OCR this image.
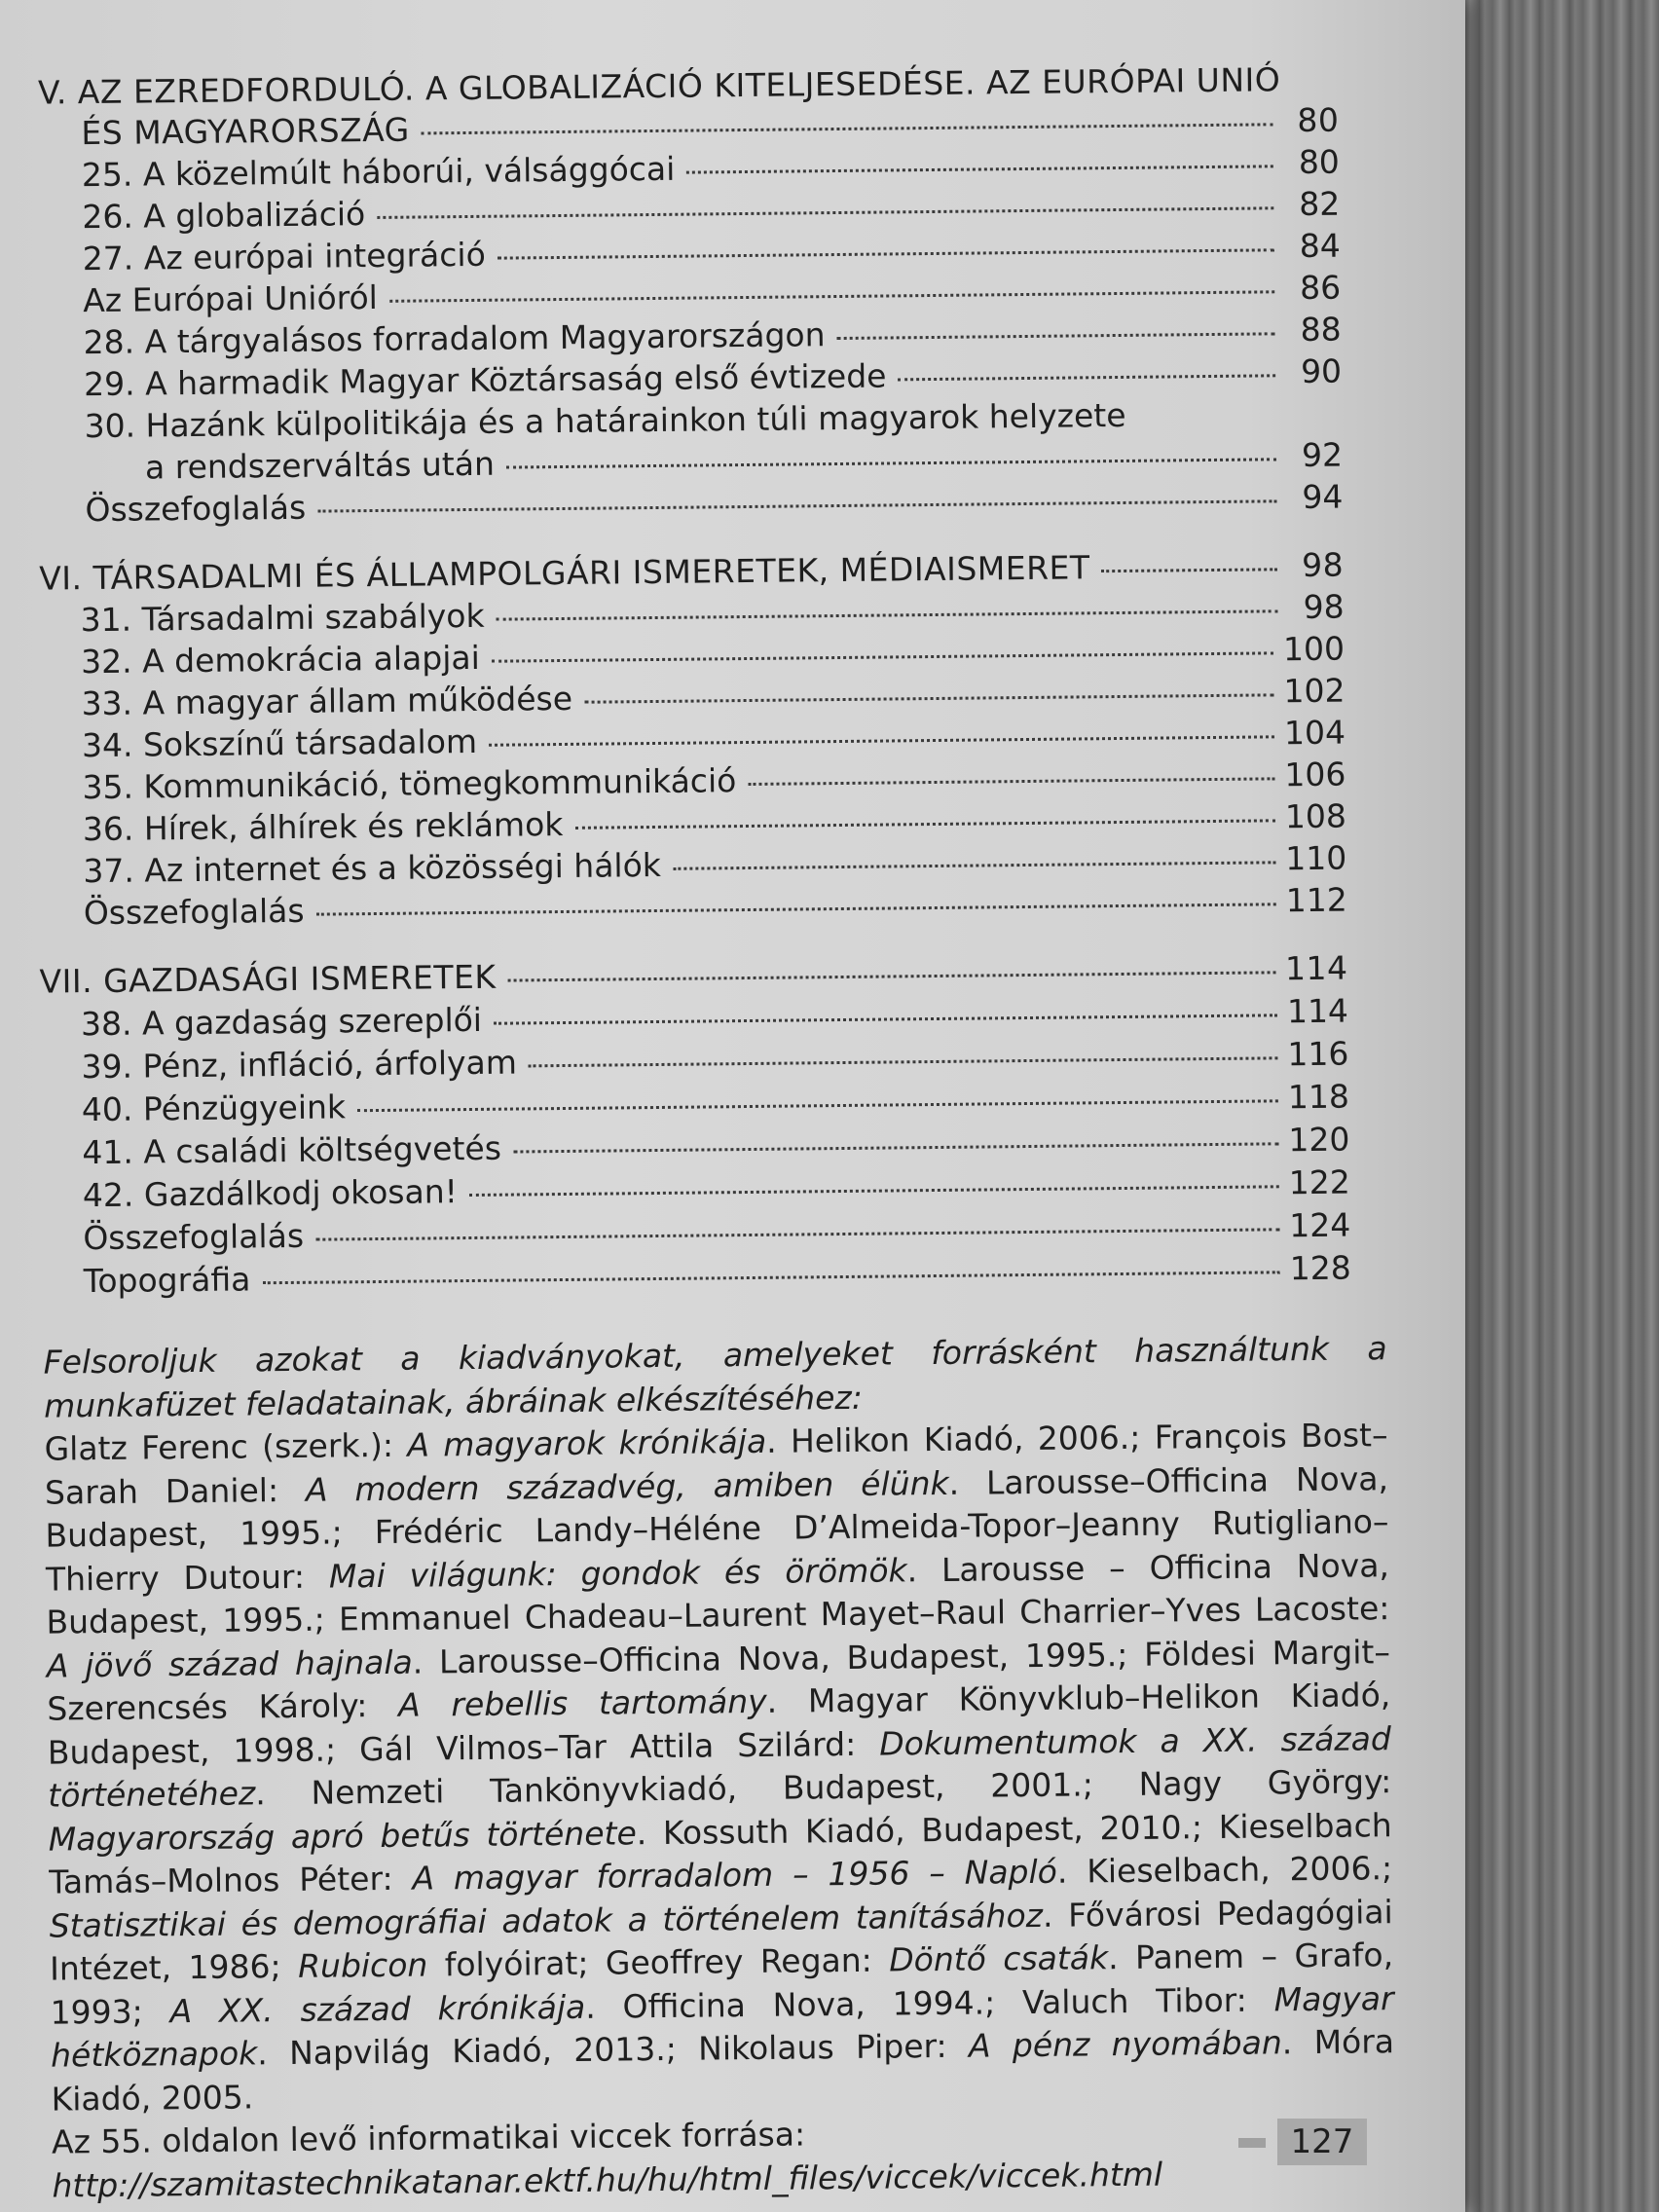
V. AZ EZREDFORDULÓ. A GLOBALIZÁCIÓ KITELJESEDÉSE. AZ EURÓPAI UNIÓ
ÉS MAGYARORSZÁG	80
25. A közelmúlt háborúi, válsággócai	80
26. A globalizáció	82
27. Az európai integráció	84
Az Európai Unióról	86
28. A tárgyalásos forradalom Magyarországon	88
29. A harmadik Magyar Köztársaság első évtizede	90
30. Hazánk külpolitikája és a határainkon túli magyarok helyzete
a rendszerváltás után	92
Összefoglalás	94
VI. TÁRSADALMI ÉS ÁLLAMPOLGÁRI ISMERETEK, MÉDIAISMERET	98
31. Társadalmi szabályok	98
32. A demokrácia alapjai	100
33. A magyar állam működése	102
34. Sokszínű társadalom	104
35. Kommunikáció, tömegkommunikáció	106
36. Hírek, álhírek és reklámok	108
37. Az internet és a közösségi hálók	110
Összefoglalás	112
VII. GAZDASÁGI ISMERETEK	114
38. A gazdaság szereplői	114
39. Pénz, infláció, árfolyam	116
40. Pénzügyeink	118
41. A családi költségvetés	120
42. Gazdálkodj okosan!	122
Összefoglalás	124
Topográfia	128

Felsoroljuk azokat a kiadványokat, amelyeket forrásként használtunk a munkafüzet feladatainak, ábráinak elkészítéséhez:

Glatz Ferenc (szerk.): A magyarok krónikája. Helikon Kiadó, 2006.; François Bost–Sarah Daniel: A modern századvég, amiben élünk. Larousse–Officina Nova, Budapest, 1995.; Frédéric Landy–Héléne D’Almeida-Topor–Jeanny Rutigliano–Thierry Dutour: Mai világunk: gondok és örömök. Larousse – Officina Nova, Budapest, 1995.; Emmanuel Chadeau–Laurent Mayet–Raul Charrier–Yves Lacoste: A jövő század hajnala. Larousse–Officina Nova, Budapest, 1995.; Földesi Margit–Szerencsés Károly: A rebellis tartomány. Magyar Könyvklub–Helikon Kiadó, Budapest, 1998.; Gál Vilmos–Tar Attila Szilárd: Dokumentumok a XX. század történetéhez. Nemzeti Tankönyvkiadó, Budapest, 2001.; Nagy György: Magyarország apró betűs története. Kossuth Kiadó, Budapest, 2010.; Kieselbach Tamás–Molnos Péter: A magyar forradalom – 1956 – Napló. Kieselbach, 2006.; Statisztikai és demográfiai adatok a történelem tanításához. Fővárosi Pedagógiai Intézet, 1986; Rubicon folyóirat; Geoffrey Regan: Döntő csaták. Panem – Grafo, 1993; A XX. század krónikája. Officina Nova, 1994.; Valuch Tibor: Magyar hétköznapok. Napvilág Kiadó, 2013.; Nikolaus Piper: A pénz nyomában. Móra Kiadó, 2005.

Az 55. oldalon levő informatikai viccek forrása:

http://szamitastechnikatanar.ektf.hu/hu/html_files/viccek/viccek.html

127
